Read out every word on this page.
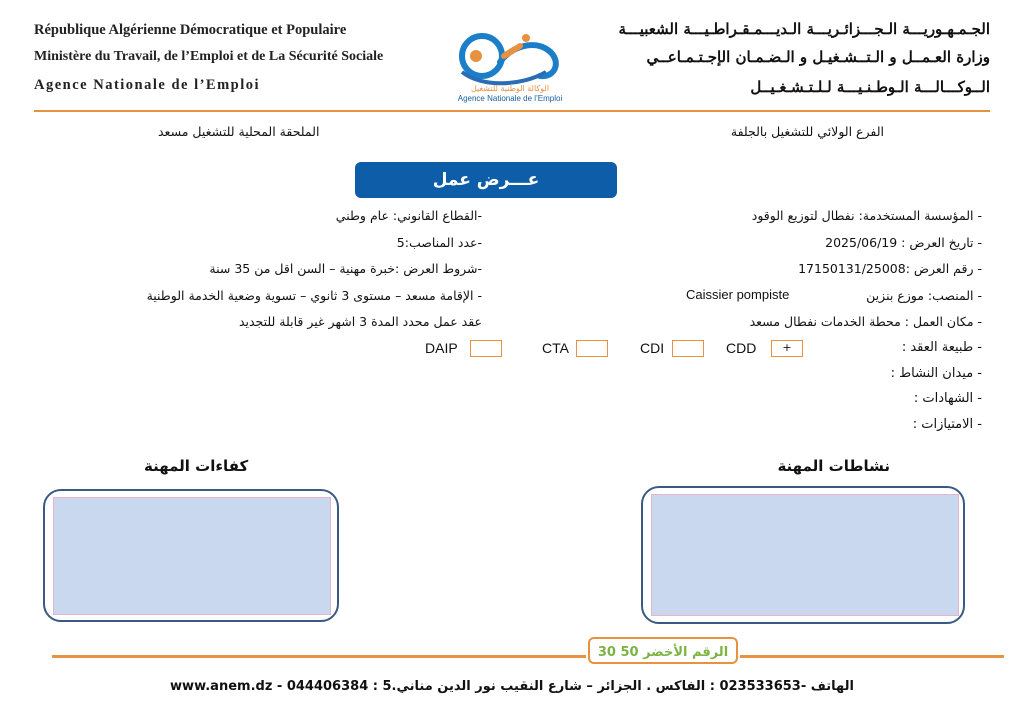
République Algérienne Démocratique et Populaire
Ministère du Travail, de l’Emploi et de La Sécurité Sociale
Agence Nationale de l’Emploi	الوكالة الوطنية للتشغيل
Agence Nationale de l’Emploi
الجـمـهـوريـــة الـجـــزائـريـــة الـديـــمـقـراطـيـــة الشعبيـــة
وزارة العـمــل و الـتــشـغيـل و الـضـمـان الإجـتـمـاعــي
الــوكـــالـــة الـوطـنـيـــة لـلـتـشـغـيــل
الفرع الولائي للتشغيل بالجلفة
الملحقة المحلية للتشغيل مسعد
عـــرض عمل
- المؤسسة المستخدمة: نفطال لتوزيع الوقود
- تاريخ العرض : 2025/06/19
- رقم العرض :17150131/25008
- المنصب: موزع بنزين
Caissier pompiste
- مكان العمل : محطة الخدمات نفطال مسعد
- طبيعة العقد :
- ميدان النشاط :
- الشهادات :
- الامتيازات :
-القطاع القانوني: عام وطني
-عدد المناصب:5
-شروط العرض :خبرة مهنية – السن اقل من 35 سنة
- الإقامة مسعد – مستوى 3 ثانوي – تسوية وضعية الخدمة الوطنية
عقد عمل محدد المدة 3 اشهر غير قابلة للتجديد
CDD	+
CDI
CTA
DAIP
نشاطات المهنة
كفاءات المهنة
الرقم الأخضر 50 30
www.anem.dz - 044406384 : الهاتف -023533653 : الفاكس . الجزائر – شارع النقيب نور الدين مناني.5
